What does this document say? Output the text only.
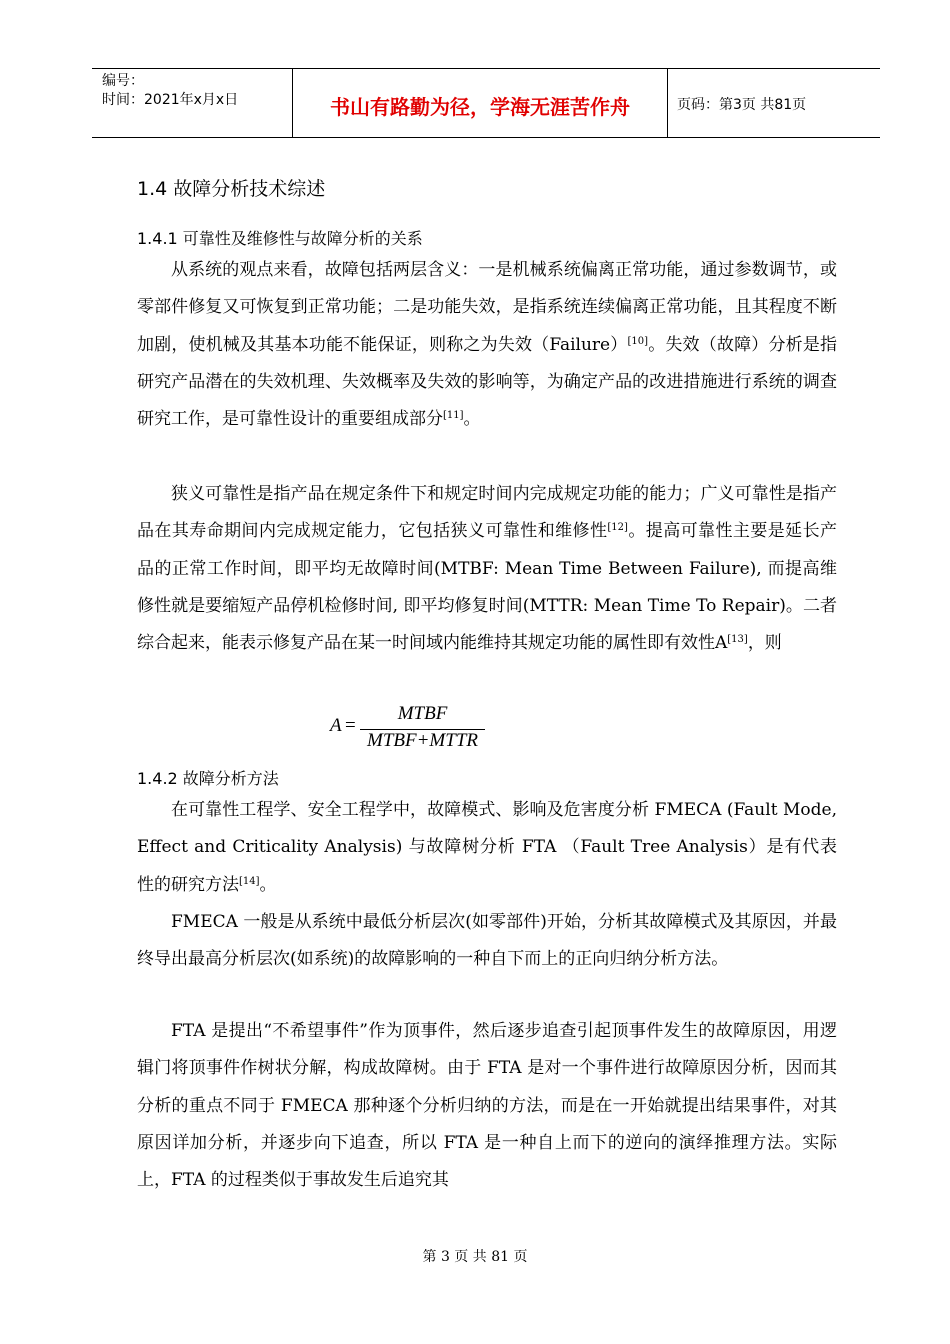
编号：
时间：2021年x月x日	书山有路勤为径，学海无涯苦作舟	页码：第3页 共81页
1.4 故障分析技术综述
1.4.1 可靠性及维修性与故障分析的关系

从系统的观点来看，故障包括两层含义：一是机械系统偏离正常功能，通过参数调节，或零部件修复又可恢复到正常功能；二是功能失效，是指系统连续偏离正常功能，且其程度不断加剧，使机械及其基本功能不能保证，则称之为失效（Failure）[10]。失效（故障）分析是指研究产品潜在的失效机理、失效概率及失效的影响等，为确定产品的改进措施进行系统的调查研究工作，是可靠性设计的重要组成部分[11]。

狭义可靠性是指产品在规定条件下和规定时间内完成规定功能的能力；广义可靠性是指产品在其寿命期间内完成规定能力，它包括狭义可靠性和维修性[12]。提高可靠性主要是延长产品的正常工作时间，即平均无故障时间(MTBF: Mean Time Between Failure), 而提高维修性就是要缩短产品停机检修时间, 即平均修复时间(MTTR: Mean Time To Repair)。二者综合起来，能表示修复产品在某一时间域内能维持其规定功能的属性即有效性A[13]，则

A =
MTBF
MTBF+MTTR
1.4.2 故障分析方法

在可靠性工程学、安全工程学中，故障模式、影响及危害度分析 FMECA (Fault Mode, Effect and Criticality Analysis) 与故障树分析 FTA （Fault Tree Analysis）是有代表性的研究方法[14]。

FMECA 一般是从系统中最低分析层次(如零部件)开始，分析其故障模式及其原因，并最终导出最高分析层次(如系统)的故障影响的一种自下而上的正向归纳分析方法。

FTA 是提出“不希望事件”作为顶事件，然后逐步追查引起顶事件发生的故障原因，用逻辑门将顶事件作树状分解，构成故障树。由于 FTA 是对一个事件进行故障原因分析，因而其分析的重点不同于 FMECA 那种逐个分析归纳的方法，而是在一开始就提出结果事件，对其原因详加分析，并逐步向下追查，所以 FTA 是一种自上而下的逆向的演绎推理方法。实际上，FTA 的过程类似于事故发生后追究其

第 3 页 共 81 页
